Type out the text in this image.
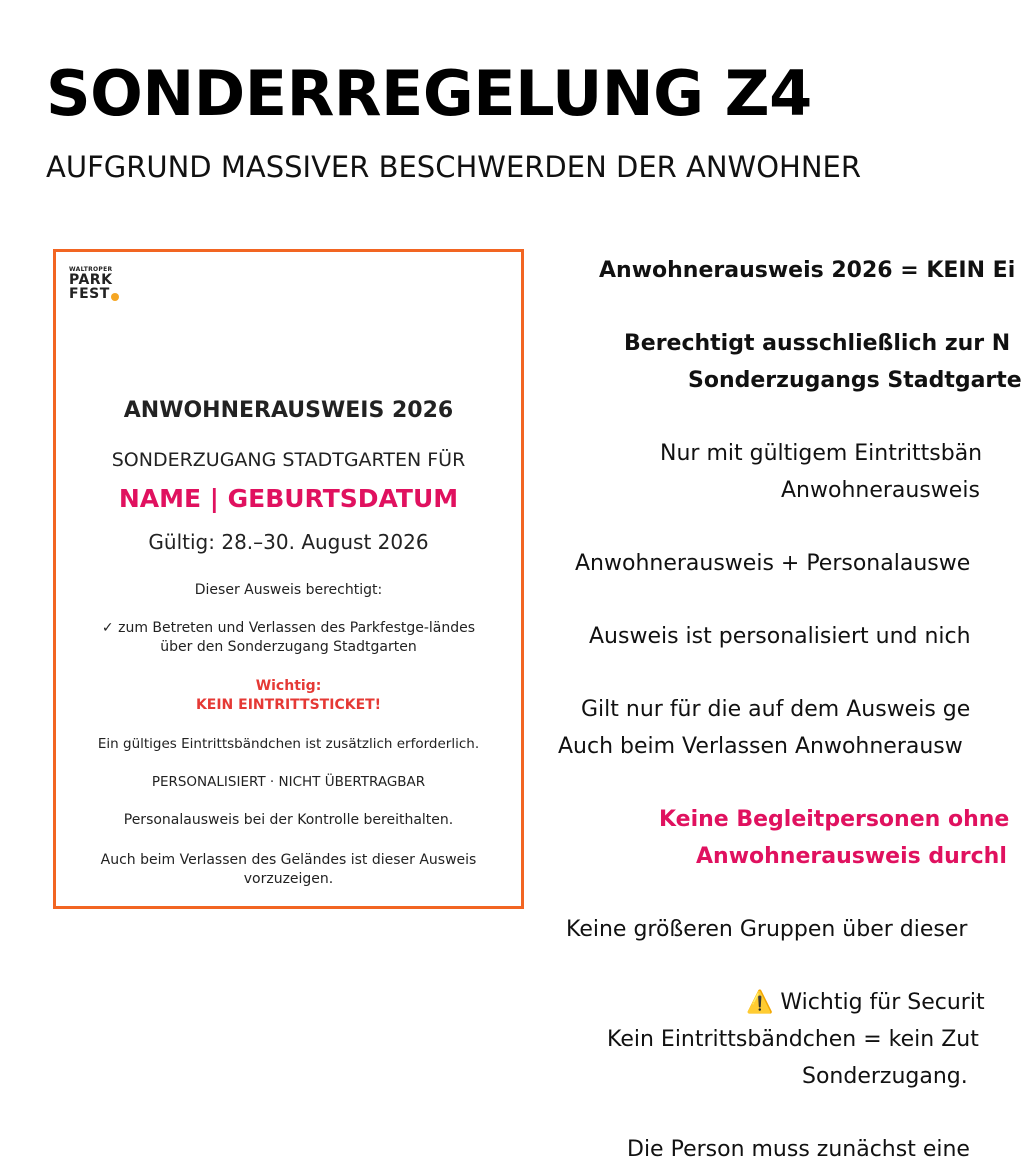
SONDERREGELUNG Z4

AUFGRUND MASSIVER BESCHWERDEN DER ANWOHNER

WALTROPER
PARK
FEST
ANWOHNERAUSWEIS 2026
SONDERZUGANG STADTGARTEN FÜR
NAME | GEBURTSDATUM
Gültig: 28.–30. August 2026
Dieser Ausweis berechtigt:
✓ zum Betreten und Verlassen des Parkfestge-ländes über den Sonderzugang Stadtgarten
Wichtig:
KEIN EINTRITTSTICKET!
Ein gültiges Eintrittsbändchen ist zusätzlich erforderlich.
PERSONALISIERT · NICHT ÜBERTRAGBAR
Personalausweis bei der Kontrolle bereithalten.
Auch beim Verlassen des Geländes ist dieser Ausweis vorzuzeigen.
Anwohnerausweis 2026 = KEIN Ei
Berechtigt ausschließlich zur N
Sonderzugangs Stadtgarte
Nur mit gültigem Eintrittsbän
Anwohnerausweis
Anwohnerausweis + Personalauswe
Ausweis ist personalisiert und nich
Gilt nur für die auf dem Ausweis ge
Auch beim Verlassen Anwohnerausw
Keine Begleitpersonen ohne
Anwohnerausweis durchl
Keine größeren Gruppen über dieser
⚠️ Wichtig für Securit
Kein Eintrittsbändchen = kein Zut
Sonderzugang.
Die Person muss zunächst eine
